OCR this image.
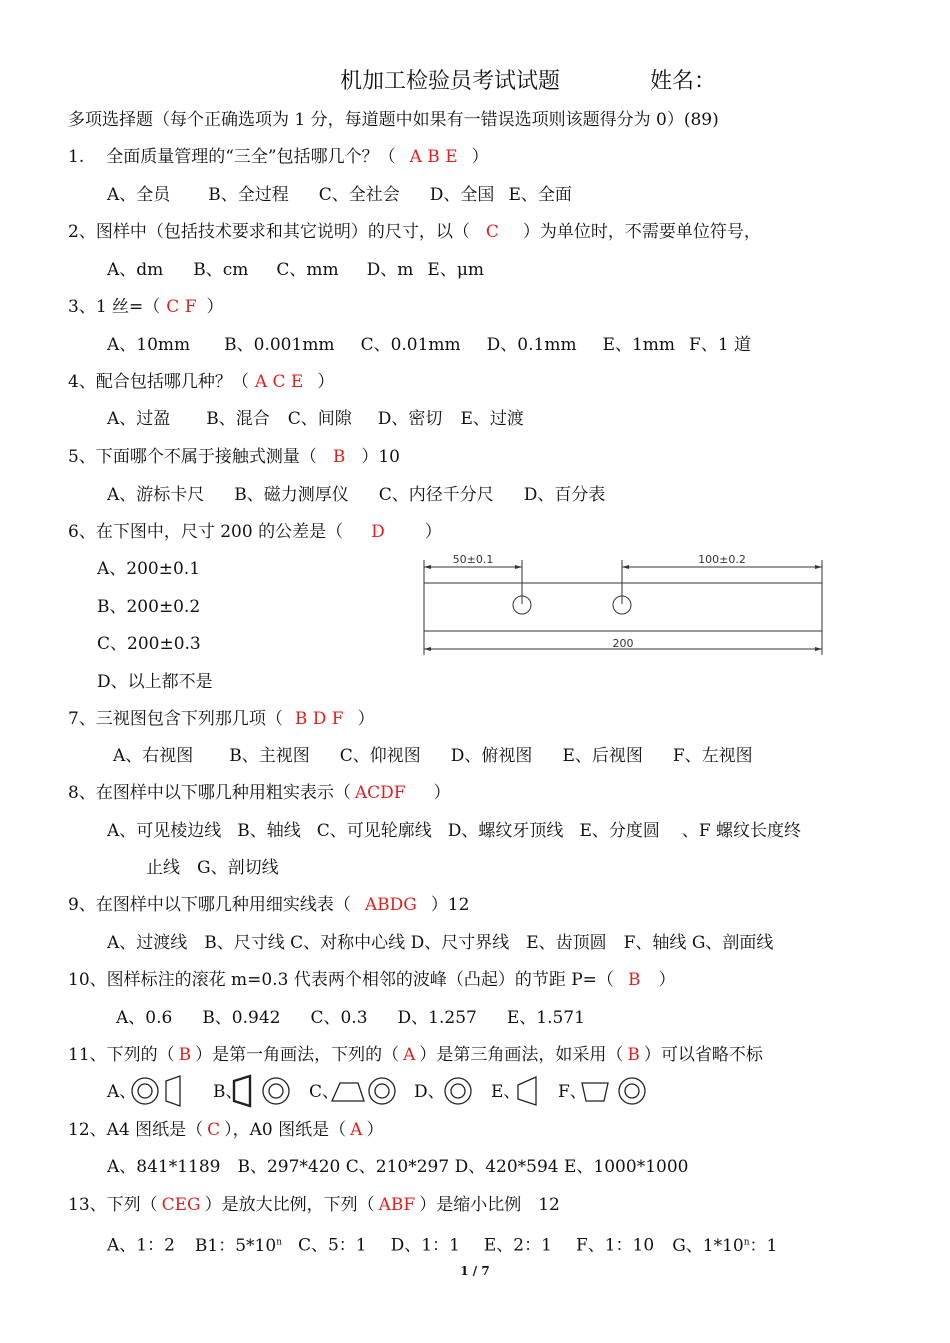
机加工检验员考试试题	姓名：
多项选择题（每个正确选项为 1 分，每道题中如果有一错误选项则该题得分为 0）(89)
1. 全面质量管理的“三全”包括哪几个？（ A B E ）
A、全员 B、全过程 C、全社会 D、全国 E、全面
2、图样中（包括技术要求和其它说明）的尺寸，以（ C ）为单位时，不需要单位符号，
A、dm B、cm C、mm D、m E、μm
3、1 丝=（ C F ）
A、10mm B、0.001mm C、0.01mm D、0.1mm E、1mm F、1 道
4、配合包括哪几种？（ A C E ）
A、过盈 B、混合 C、间隙 D、密切 E、过渡
5、下面哪个不属于接触式测量（ B ）10
A、游标卡尺 B、磁力测厚仪 C、内径千分尺 D、百分表
6、在下图中，尺寸 200 的公差是（ D ）
A、200±0.1
B、200±0.2
C、200±0.3
D、以上都不是
50±0.1	100±0.2
200
7、三视图包含下列那几项（ B D F ）
A、右视图 B、主视图 C、仰视图 D、俯视图 E、后视图 F、左视图
8、在图样中以下哪几种用粗实表示（ ACDF ）
A、可见棱边线 B、轴线 C、可见轮廓线 D、螺纹牙顶线 E、分度圆 、F 螺纹长度终
止线　G、剖切线
9、在图样中以下哪几种用细实线表（ ABDG ）12
A、过渡线　B、尺寸线 C、对称中心线 D、尺寸界线　E、齿顶圆　F、轴线 G、剖面线
10、图样标注的滚花 m=0.3 代表两个相邻的波峰（凸起）的节距 P=（ B ）
A、0.6 B、0.942 C、0.3 D、1.257 E、1.571
11、下列的（ B ）是第一角画法，下列的（ A ）是第三角画法，如采用（ B ）可以省略不标
A、	B、	C、	D、	E、 F、
12、A4 图纸是（ C ），A0 图纸是（ A ）
A、841*1189　B、297*420 C、210*297 D、420*594 E、1000*1000
13、下列（ CEG ）是放大比例，下列（ ABF ）是缩小比例　12
A、1：2 B1：5*10$^n$ C、5：1 D、1：1 E、2：1 F、1：10 G、1*10$^n$：1
1 / 7
